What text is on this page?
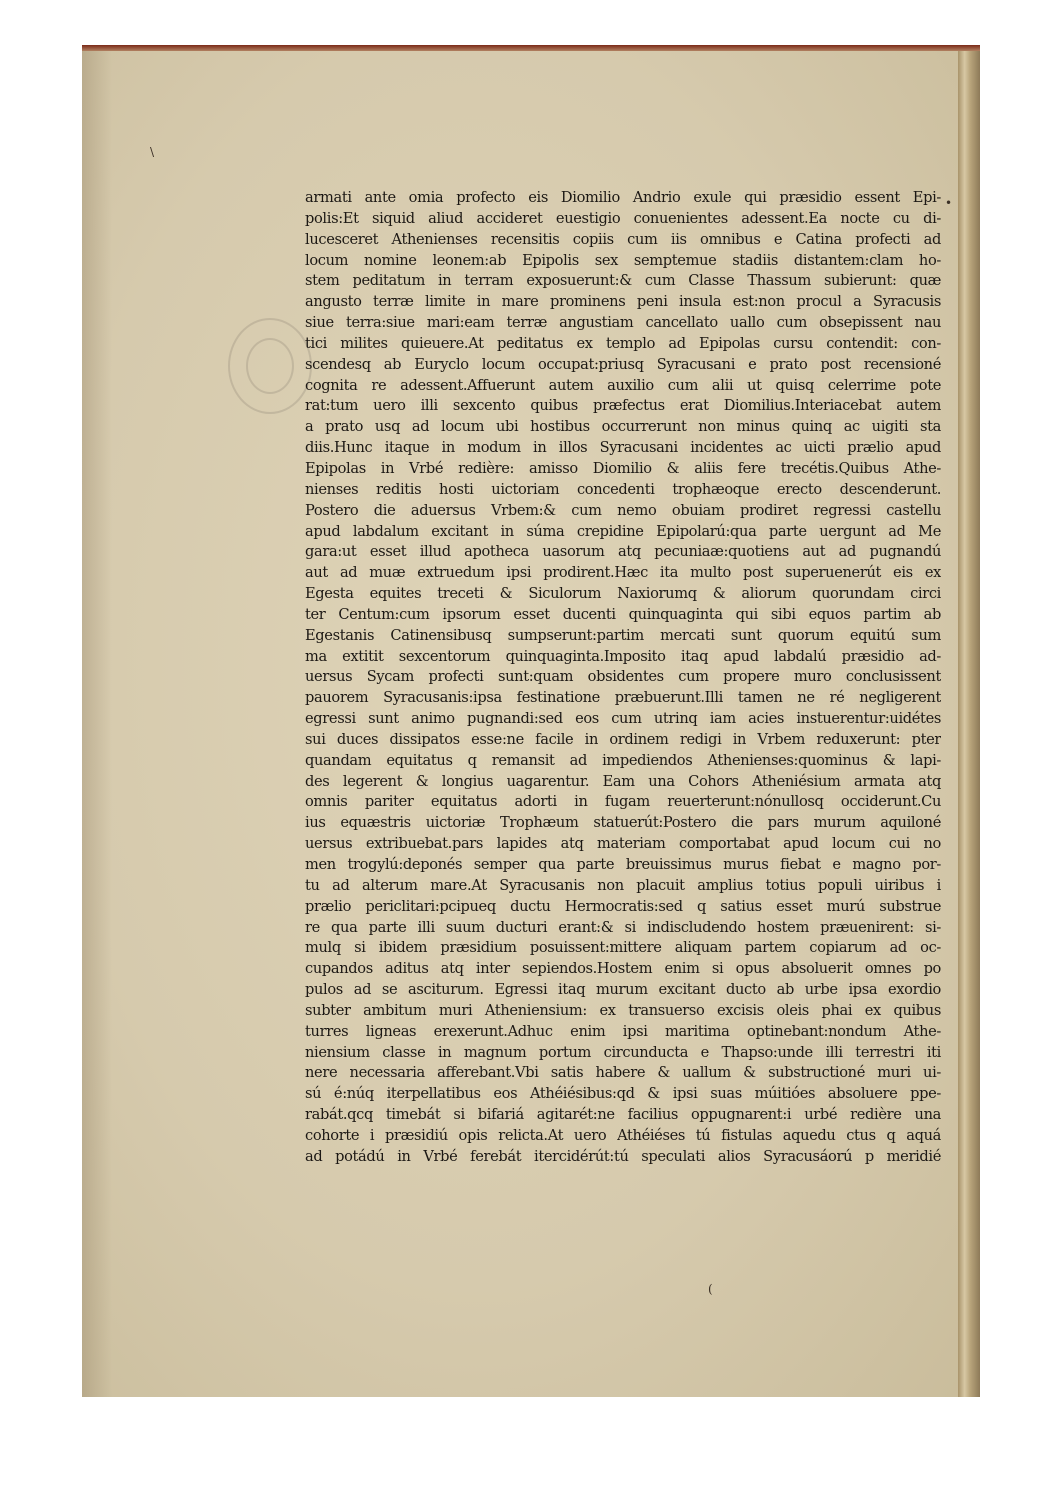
•
\
(
armati ante omia profecto eis Diomilio Andrio exule qui præsidio essent Epi-
polis:Et siquid aliud accideret euestigio conuenientes adessent.Ea nocte cu di-
lucesceret Athenienses recensitis copiis cum iis omnibus e Catina profecti ad
locum nomine leonem:ab Epipolis sex semptemue stadiis distantem:clam ho-
stem peditatum in terram exposuerunt:& cum Classe Thassum subierunt: quæ
angusto terræ limite in mare prominens peni insula est:non procul a Syracusis
siue terra:siue mari:eam terræ angustiam cancellato uallo cum obsepissent nau
tici milites quieuere.At peditatus ex templo ad Epipolas cursu contendit: con-
scendesq ab Euryclo locum occupat:priusq Syracusani e prato post recensioné
cognita re adessent.Affuerunt autem auxilio cum alii ut quisq celerrime pote
rat:tum uero illi sexcento quibus præfectus erat Diomilius.Interiacebat autem
a prato usq ad locum ubi hostibus occurrerunt non minus quinq ac uigiti sta
diis.Hunc itaque in modum in illos Syracusani incidentes ac uicti prælio apud
Epipolas in Vrbé redière: amisso Diomilio & aliis fere trecétis.Quibus Athe-
nienses reditis hosti uictoriam concedenti trophæoque erecto descenderunt.
Postero die aduersus Vrbem:& cum nemo obuiam prodiret regressi castellu
apud labdalum excitant in súma crepidine Epipolarú:qua parte uergunt ad Me
gara:ut esset illud apotheca uasorum atq pecuniaæ:quotiens aut ad pugnandú
aut ad muæ extruedum ipsi prodirent.Hæc ita multo post superuenerút eis ex
Egesta equites treceti & Siculorum Naxiorumq & aliorum quorundam circi
ter Centum:cum ipsorum esset ducenti quinquaginta qui sibi equos partim ab
Egestanis Catinensibusq sumpserunt:partim mercati sunt quorum equitú sum
ma extitit sexcentorum quinquaginta.Imposito itaq apud labdalú præsidio ad-
uersus Sycam profecti sunt:quam obsidentes cum propere muro conclusissent
pauorem Syracusanis:ipsa festinatione præbuerunt.Illi tamen ne ré negligerent
egressi sunt animo pugnandi:sed eos cum utrinq iam acies instuerentur:uidétes
sui duces dissipatos esse:ne facile in ordinem redigi in Vrbem reduxerunt: pter
quandam equitatus q remansit ad impediendos Athenienses:quominus & lapi-
des legerent & longius uagarentur. Eam una Cohors Atheniésium armata atq
omnis pariter equitatus adorti in fugam reuerterunt:nónullosq occiderunt.Cu
ius equæstris uictoriæ Trophæum statuerút:Postero die pars murum aquiloné
uersus extribuebat.pars lapides atq materiam comportabat apud locum cui no
men trogylú:deponés semper qua parte breuissimus murus fiebat e magno por-
tu ad alterum mare.At Syracusanis non placuit amplius totius populi uiribus i
prælio periclitari:pcipueq ductu Hermocratis:sed q satius esset murú substrue
re qua parte illi suum ducturi erant:& si indiscludendo hostem præuenirent: si-
mulq si ibidem præsidium posuissent:mittere aliquam partem copiarum ad oc-
cupandos aditus atq inter sepiendos.Hostem enim si opus absoluerit omnes po
pulos ad se asciturum. Egressi itaq murum excitant ducto ab urbe ipsa exordio
subter ambitum muri Atheniensium: ex transuerso excisis oleis phai ex quibus
turres ligneas erexerunt.Adhuc enim ipsi maritima optinebant:nondum Athe-
niensium classe in magnum portum circunducta e Thapso:unde illi terrestri iti
nere necessaria afferebant.Vbi satis habere & uallum & substructioné muri ui-
sú é:núq iterpellatibus eos Athéiésibus:qd & ipsi suas múitióes absoluere ppe-
rabát.qcq timebát si bifariá agitarét:ne facilius oppugnarent:i urbé redière una
cohorte i præsidiú opis relicta.At uero Athéiéses tú fistulas aquedu ctus q aquá
ad potádú in Vrbé ferebát itercidérút:tú speculati alios Syracusáorú p meridié
